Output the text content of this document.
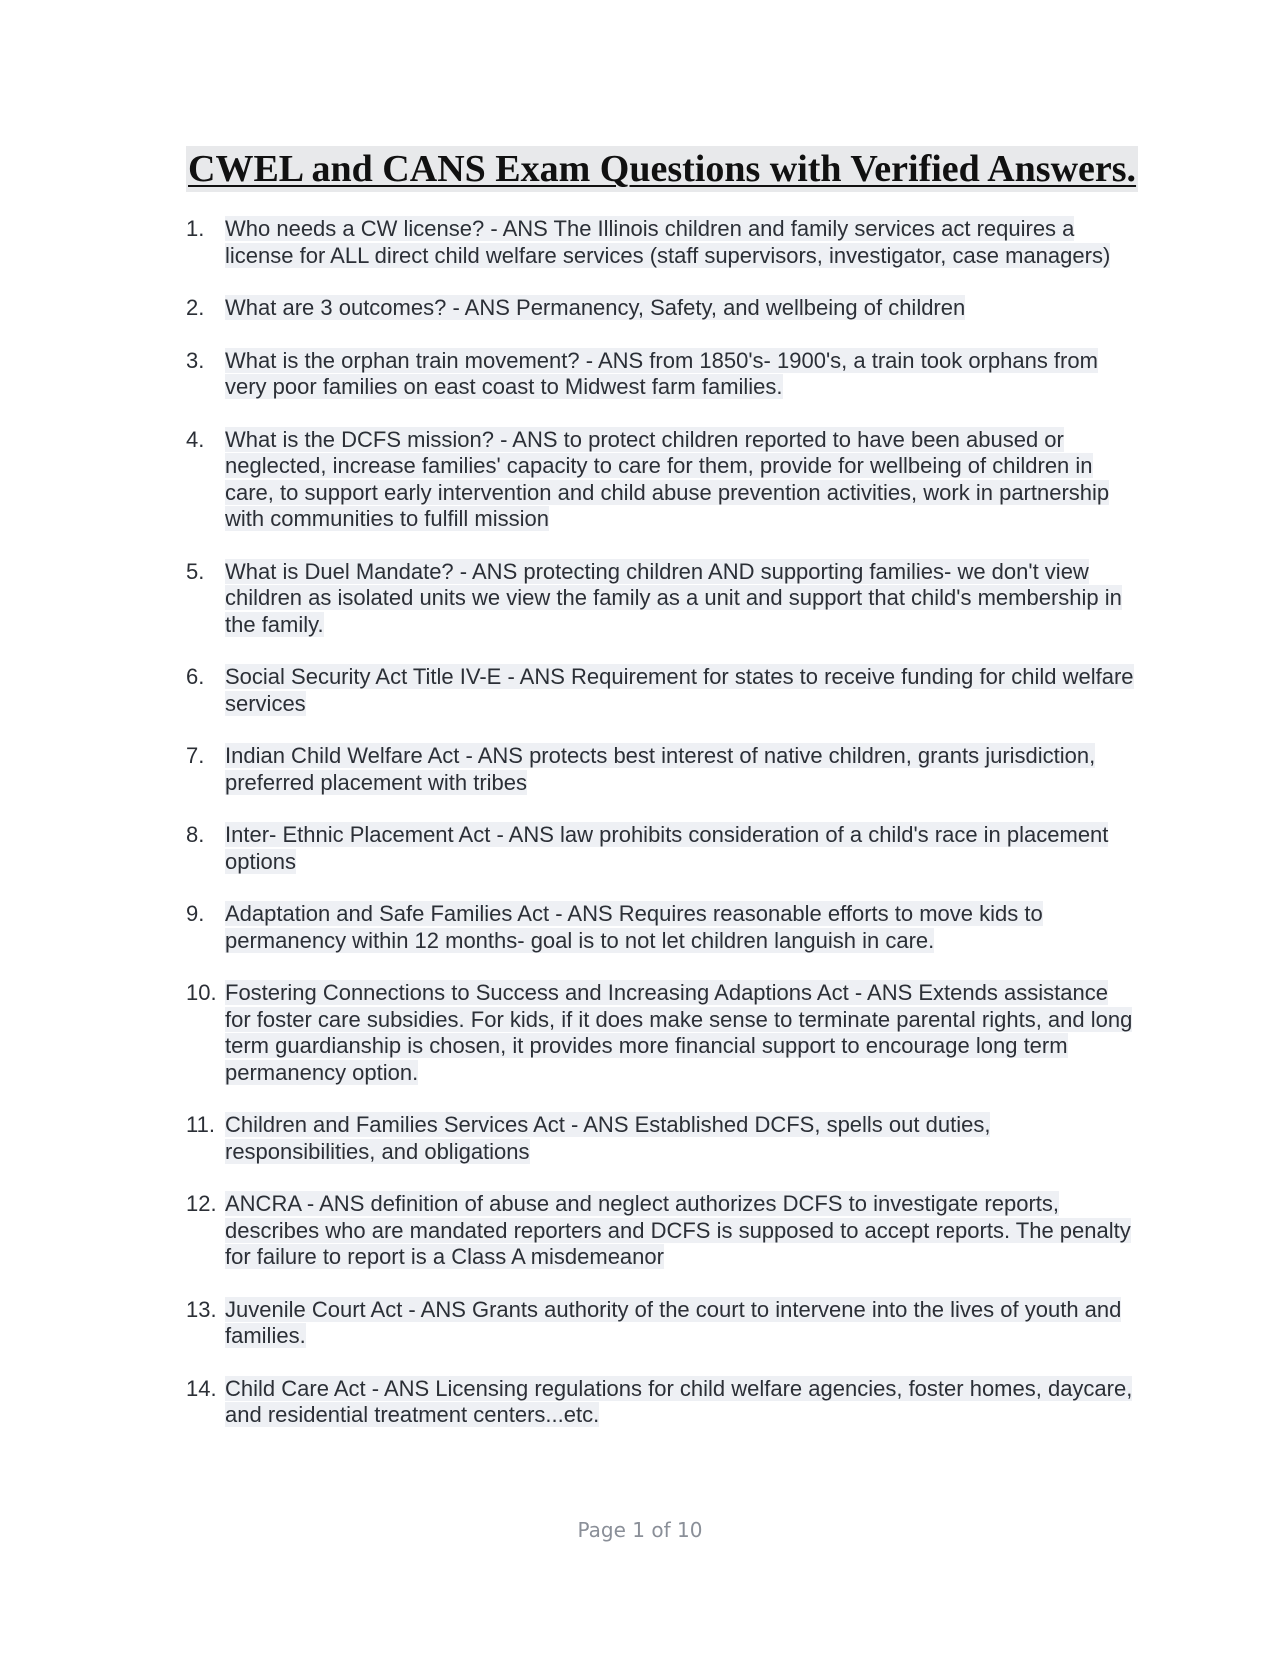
CWEL and CANS Exam Questions with Verified Answers.
1. Who needs a CW license? - ANS The Illinois children and family services act requires a license for ALL direct child welfare services (staff supervisors, investigator, case managers)
2. What are 3 outcomes? - ANS Permanency, Safety, and wellbeing of children
3. What is the orphan train movement? - ANS from 1850's- 1900's, a train took orphans from very poor families on east coast to Midwest farm families.
4. What is the DCFS mission? - ANS to protect children reported to have been abused or neglected, increase families' capacity to care for them, provide for wellbeing of children in care, to support early intervention and child abuse prevention activities, work in partnership with communities to fulfill mission
5. What is Duel Mandate? - ANS protecting children AND supporting families- we don't view children as isolated units we view the family as a unit and support that child's membership in the family.
6. Social Security Act Title IV-E - ANS Requirement for states to receive funding for child welfare services
7. Indian Child Welfare Act - ANS protects best interest of native children, grants jurisdiction, preferred placement with tribes
8. Inter- Ethnic Placement Act - ANS law prohibits consideration of a child's race in placement options
9. Adaptation and Safe Families Act - ANS Requires reasonable efforts to move kids to permanency within 12 months- goal is to not let children languish in care.
10. Fostering Connections to Success and Increasing Adaptions Act - ANS Extends assistance for foster care subsidies. For kids, if it does make sense to terminate parental rights, and long term guardianship is chosen, it provides more financial support to encourage long term permanency option.
11. Children and Families Services Act - ANS Established DCFS, spells out duties, responsibilities, and obligations
12. ANCRA - ANS definition of abuse and neglect authorizes DCFS to investigate reports, describes who are mandated reporters and DCFS is supposed to accept reports. The penalty for failure to report is a Class A misdemeanor
13. Juvenile Court Act - ANS Grants authority of the court to intervene into the lives of youth and families.
14. Child Care Act - ANS Licensing regulations for child welfare agencies, foster homes, daycare, and residential treatment centers...etc.
Page 1 of 10
